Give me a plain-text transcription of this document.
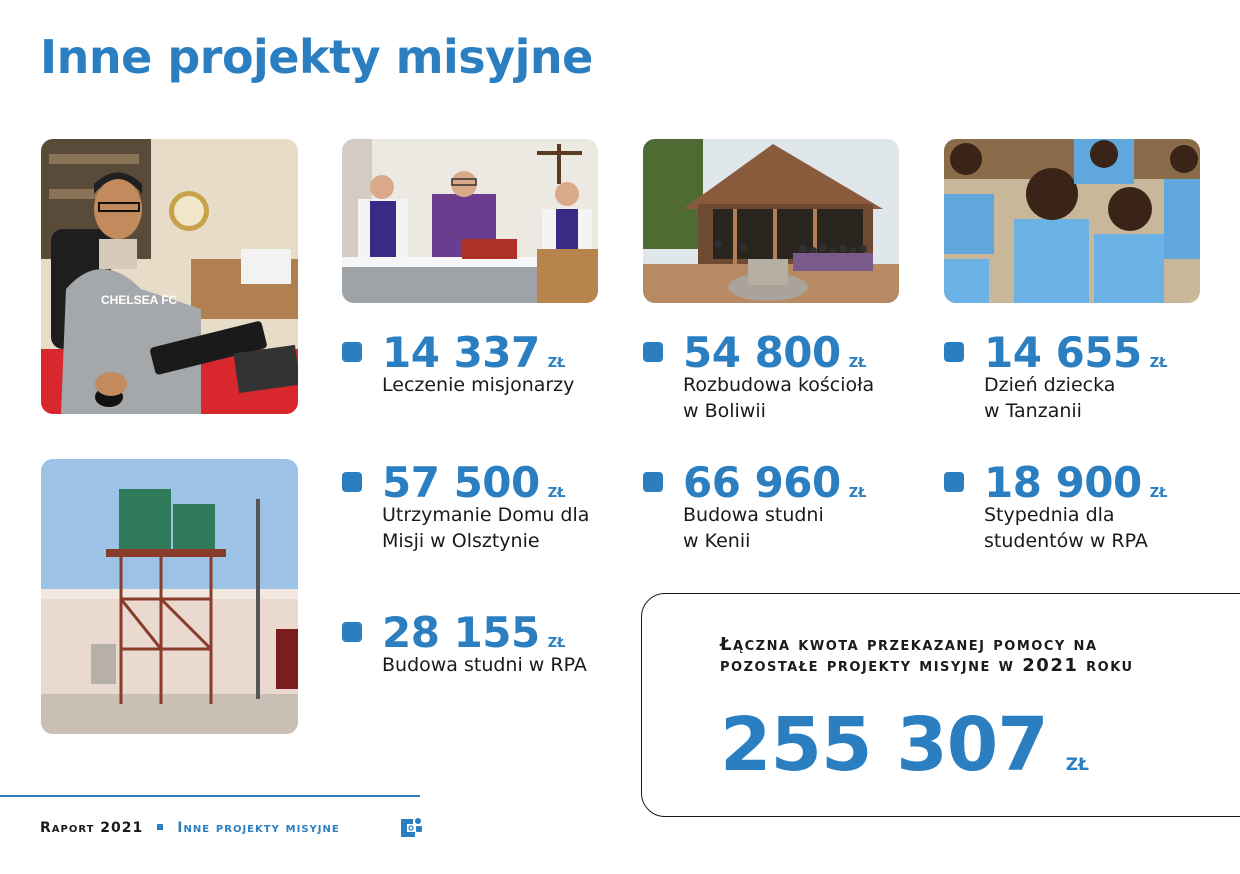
Inne projekty misyjne
CHELSEA FC
14 337 zł
Leczenie misjonarzy
54 800 zł
Rozbudowa kościoła w Boliwii
14 655 zł
Dzień dziecka w Tanzanii
57 500 zł
Utrzymanie Domu dla Misji w Olsztynie
66 960 zł
Budowa studni w Kenii
18 900 zł
Stypednia dla studentów w RPA
28 155 zł
Budowa studni w RPA
Łączna kwota przekazanej pomocy na pozostałe projekty misyjne w 2021 roku
255 307 zł
Raport 2021 Inne projekty misyjne
